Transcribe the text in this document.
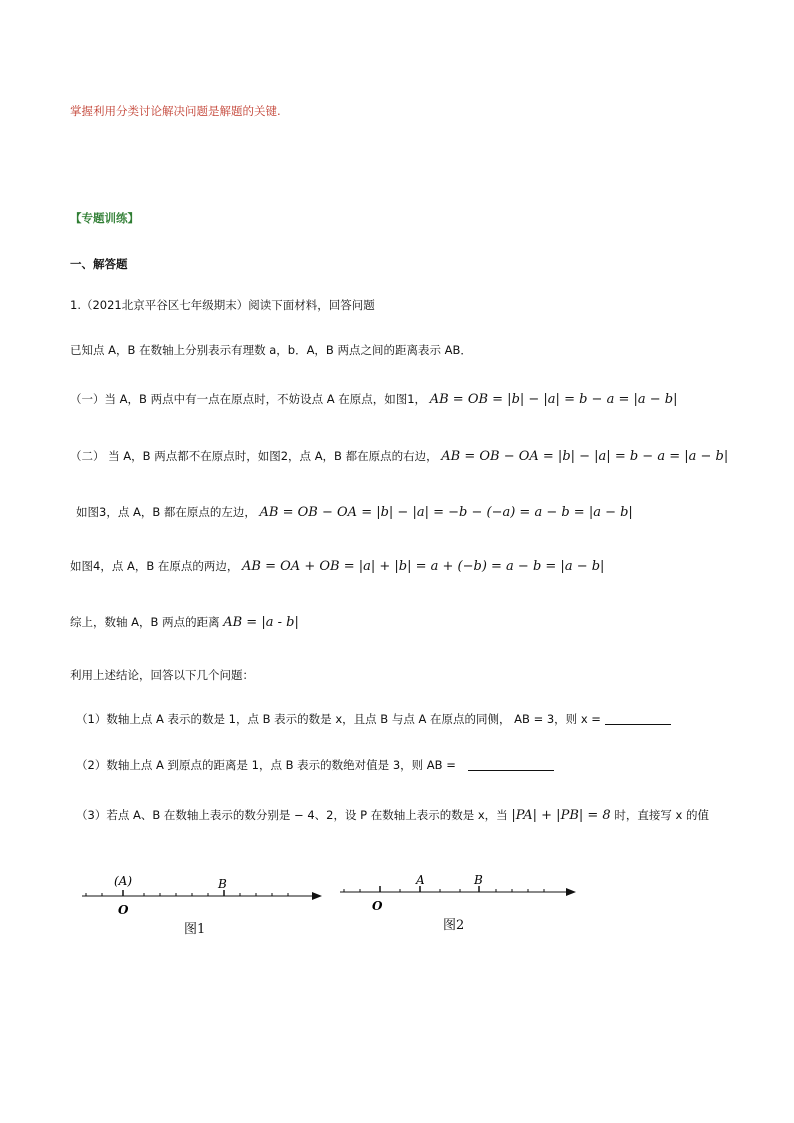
掌握利用分类讨论解决问题是解题的关键.
【专题训练】
一、解答题
1.（2021北京平谷区七年级期末）阅读下面材料，回答问题
已知点 A，B 在数轴上分别表示有理数 a，b．A，B 两点之间的距离表示 AB．
（一）当 A，B 两点中有一点在原点时，不妨设点 A 在原点，如图1， AB = OB = |b| − |a| = b − a = |a − b|
（二） 当 A，B 两点都不在原点时，如图2，点 A，B 都在原点的右边， AB = OB − OA = |b| − |a| = b − a = |a − b|
如图3，点 A，B 都在原点的左边， AB = OB − OA = |b| − |a| = −b − (−a) = a − b = |a − b|
如图4，点 A，B 在原点的两边， AB = OA + OB = |a| + |b| = a + (−b) = a − b = |a − b|
综上，数轴 A，B 两点的距离 AB = |a - b|
利用上述结论，回答以下几个问题：
（1）数轴上点 A 表示的数是 1，点 B 表示的数是 x，且点 B 与点 A 在原点的同侧， AB = 3，则 x =
（2）数轴上点 A 到原点的距离是 1，点 B 表示的数绝对值是 3，则 AB =
（3）若点 A、B 在数轴上表示的数分别是 − 4、2，设 P 在数轴上表示的数是 x，当 |PA| + |PB| = 8 时，直接写 x 的值
(A)	B
O
图1
A	B
O
图2
